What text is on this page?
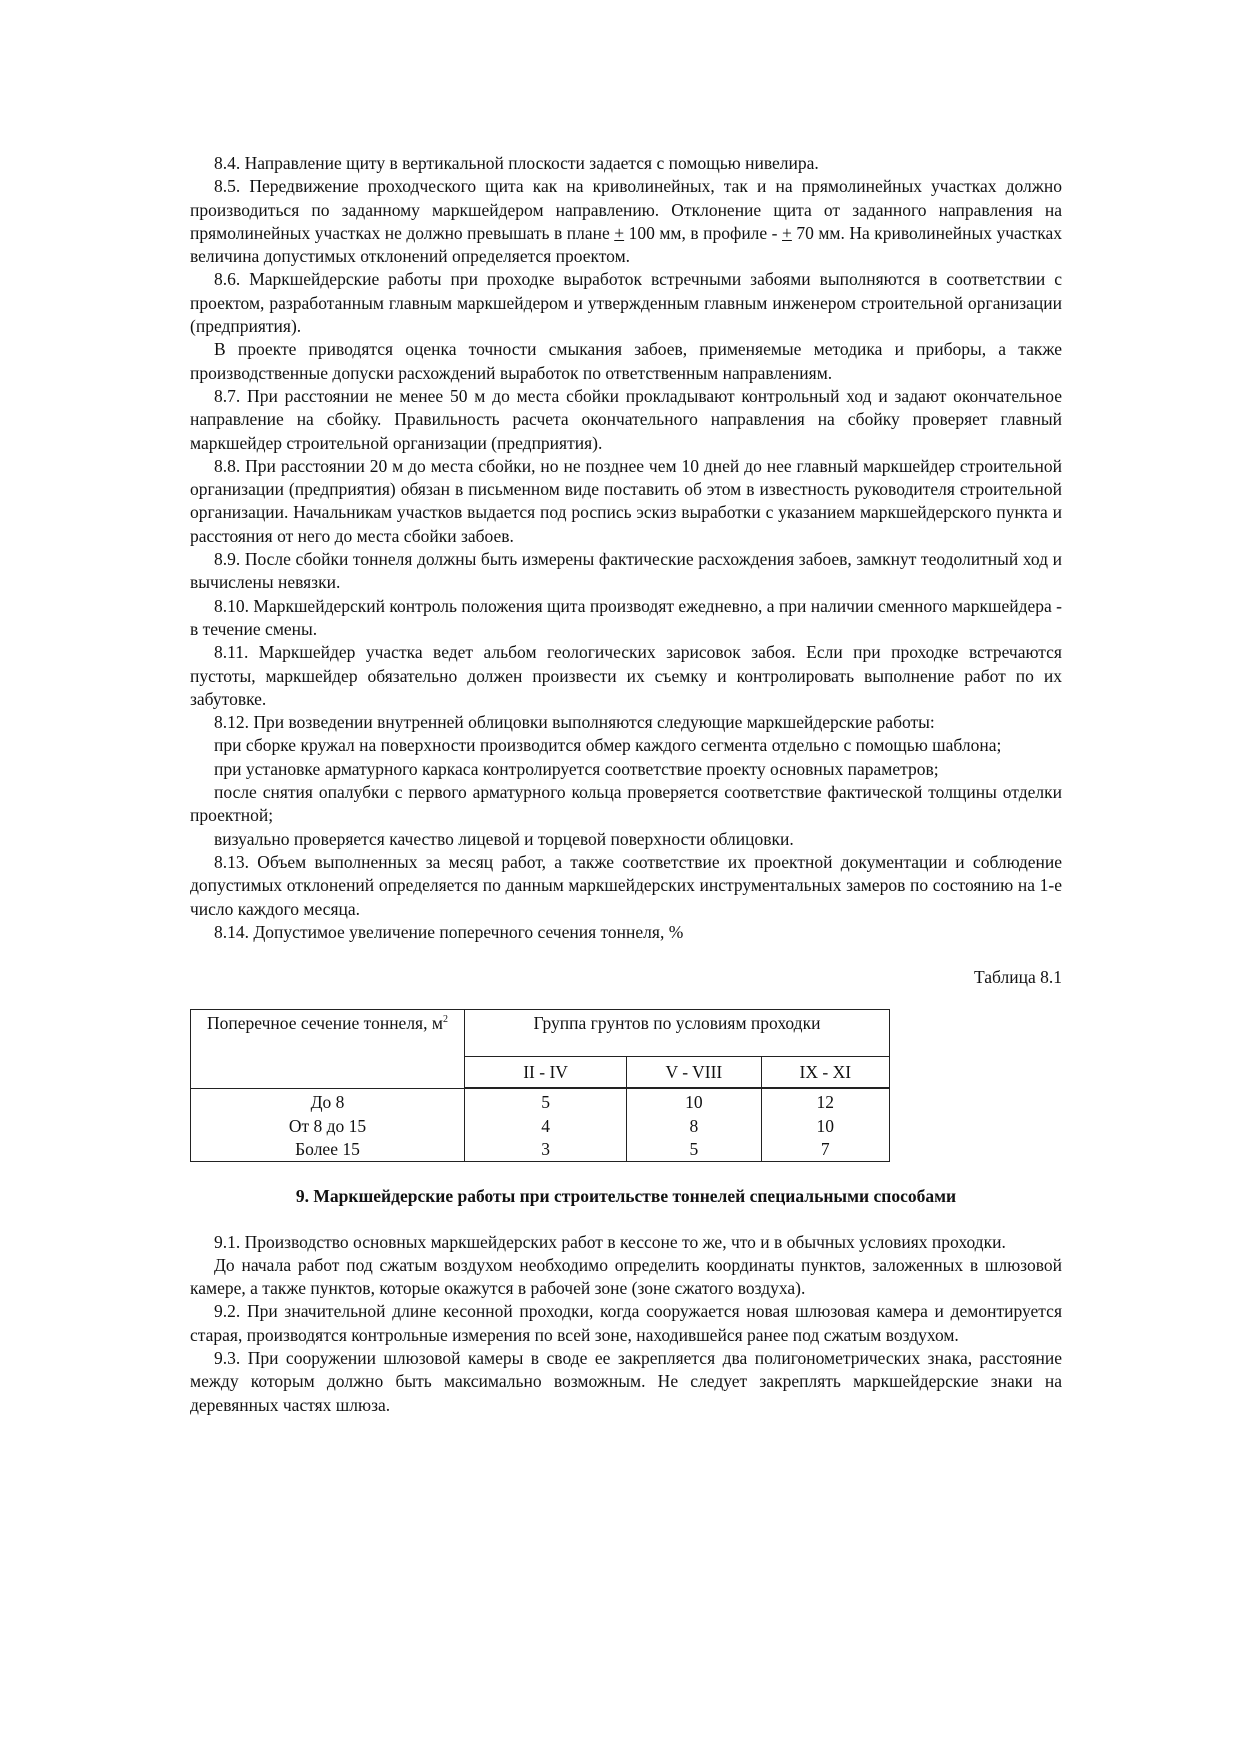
8.4. Направление щиту в вертикальной плоскости задается с помощью нивелира.

8.5. Передвижение проходческого щита как на криволинейных, так и на прямолинейных участках должно производиться по заданному маркшейдером направлению. Отклонение щита от заданного направления на прямолинейных участках не должно превышать в плане + 100 мм, в профиле - + 70 мм. На криволинейных участках величина допустимых отклонений определяется проектом.

8.6. Маркшейдерские работы при проходке выработок встречными забоями выполняются в соответствии с проектом, разработанным главным маркшейдером и утвержденным главным инженером строительной организации (предприятия).

В проекте приводятся оценка точности смыкания забоев, применяемые методика и приборы, а также производственные допуски расхождений выработок по ответственным направлениям.

8.7. При расстоянии не менее 50 м до места сбойки прокладывают контрольный ход и задают окончательное направление на сбойку. Правильность расчета окончательного направления на сбойку проверяет главный маркшейдер строительной организации (предприятия).

8.8. При расстоянии 20 м до места сбойки, но не позднее чем 10 дней до нее главный маркшейдер строительной организации (предприятия) обязан в письменном виде поставить об этом в известность руководителя строительной организации. Начальникам участков выдается под роспись эскиз выработки с указанием маркшейдерского пункта и расстояния от него до места сбойки забоев.

8.9. После сбойки тоннеля должны быть измерены фактические расхождения забоев, замкнут теодолитный ход и вычислены невязки.

8.10. Маркшейдерский контроль положения щита производят ежедневно, а при наличии сменного маркшейдера - в течение смены.

8.11. Маркшейдер участка ведет альбом геологических зарисовок забоя. Если при проходке встречаются пустоты, маркшейдер обязательно должен произвести их съемку и контролировать выполнение работ по их забутовке.

8.12. При возведении внутренней облицовки выполняются следующие маркшейдерские работы:

при сборке кружал на поверхности производится обмер каждого сегмента отдельно с помощью шаблона;

при установке арматурного каркаса контролируется соответствие проекту основных параметров;

после снятия опалубки с первого арматурного кольца проверяется соответствие фактической толщины отделки проектной;

визуально проверяется качество лицевой и торцевой поверхности облицовки.

8.13. Объем выполненных за месяц работ, а также соответствие их проектной документации и соблюдение допустимых отклонений определяется по данным маркшейдерских инструментальных замеров по состоянию на 1-е число каждого месяца.

8.14. Допустимое увеличение поперечного сечения тоннеля, %

Таблица 8.1
Поперечное сечение тоннеля, $м^2$	Группа грунтов по условиям проходки		
	II - IV	V - VIII	IX - XI
До 8	5	10	12
От 8 до 15	4	8	10
Более 15	3	5	7
9. Маркшейдерские работы при строительстве тоннелей специальными способами

9.1. Производство основных маркшейдерских работ в кессоне то же, что и в обычных условиях проходки.

До начала работ под сжатым воздухом необходимо определить координаты пунктов, заложенных в шлюзовой камере, а также пунктов, которые окажутся в рабочей зоне (зоне сжатого воздуха).

9.2. При значительной длине кесонной проходки, когда сооружается новая шлюзовая камера и демонтируется старая, производятся контрольные измерения по всей зоне, находившейся ранее под сжатым воздухом.

9.3. При сооружении шлюзовой камеры в своде ее закрепляется два полигонометрических знака, расстояние между которым должно быть максимально возможным. Не следует закреплять маркшейдерские знаки на деревянных частях шлюза.
